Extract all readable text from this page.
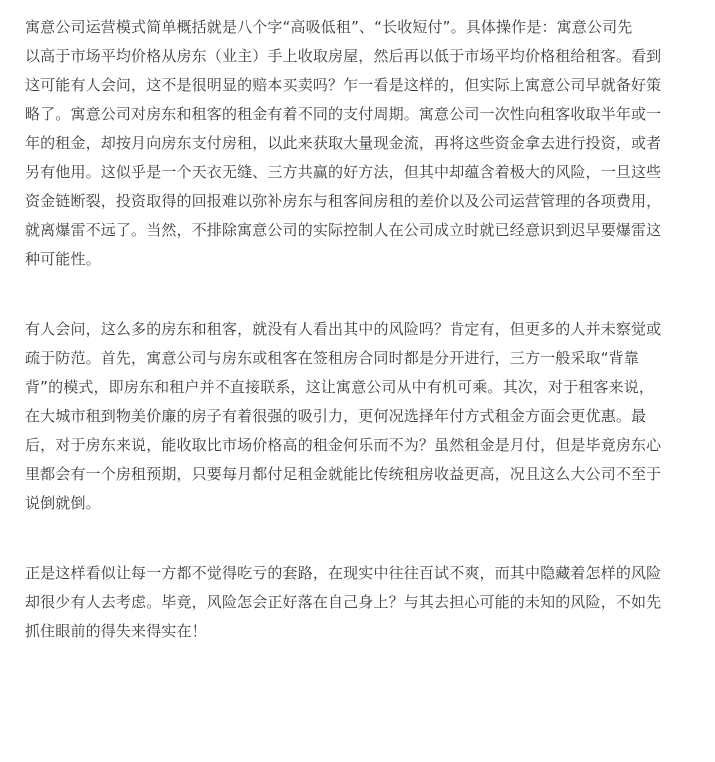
寓意公司运营模式简单概括就是八个字“高吸低租”、“长收短付”。具体操作是：寓意公司先
以高于市场平均价格从房东（业主）手上收取房屋，然后再以低于市场平均价格租给租客。看到
这可能有人会问，这不是很明显的赔本买卖吗？乍一看是这样的，但实际上寓意公司早就备好策
略了。寓意公司对房东和租客的租金有着不同的支付周期。寓意公司一次性向租客收取半年或一
年的租金，却按月向房东支付房租，以此来获取大量现金流，再将这些资金拿去进行投资，或者
另有他用。这似乎是一个天衣无缝、三方共赢的好方法，但其中却蕴含着极大的风险，一旦这些
资金链断裂，投资取得的回报难以弥补房东与租客间房租的差价以及公司运营管理的各项费用，
就离爆雷不远了。当然，不排除寓意公司的实际控制人在公司成立时就已经意识到迟早要爆雷这
种可能性。
有人会问，这么多的房东和租客，就没有人看出其中的风险吗？肯定有，但更多的人并未察觉或
疏于防范。首先，寓意公司与房东或租客在签租房合同时都是分开进行，三方一般采取“背靠
背”的模式，即房东和租户并不直接联系，这让寓意公司从中有机可乘。其次，对于租客来说，
在大城市租到物美价廉的房子有着很强的吸引力，更何况选择年付方式租金方面会更优惠。最
后，对于房东来说，能收取比市场价格高的租金何乐而不为？虽然租金是月付，但是毕竟房东心
里都会有一个房租预期，只要每月都付足租金就能比传统租房收益更高，况且这么大公司不至于
说倒就倒。
正是这样看似让每一方都不觉得吃亏的套路，在现实中往往百试不爽，而其中隐藏着怎样的风险
却很少有人去考虑。毕竟，风险怎会正好落在自己身上？与其去担心可能的未知的风险，不如先
抓住眼前的得失来得实在！
